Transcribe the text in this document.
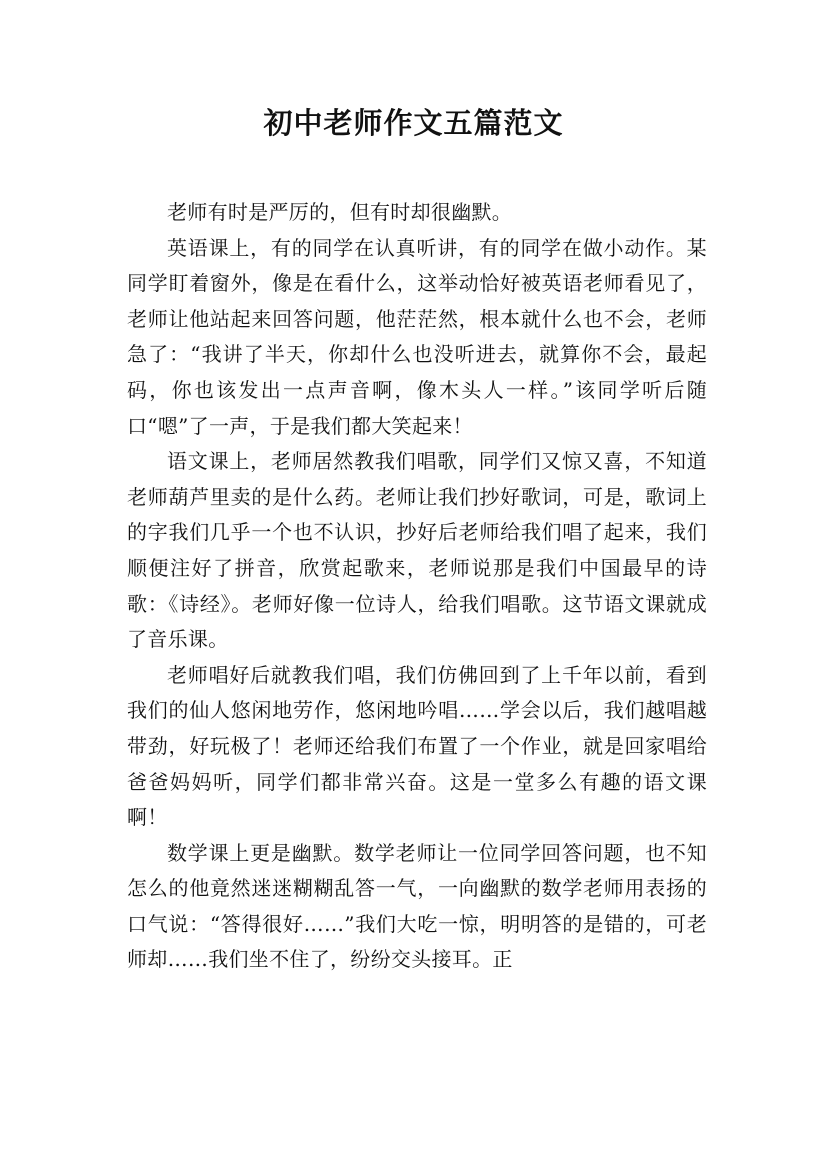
初中老师作文五篇范文

老师有时是严厉的，但有时却很幽默。

英语课上，有的同学在认真听讲，有的同学在做小动作。某同学盯着窗外，像是在看什么，这举动恰好被英语老师看见了，老师让他站起来回答问题，他茫茫然，根本就什么也不会，老师急了：“我讲了半天，你却什么也没听进去，就算你不会，最起码，你也该发出一点声音啊，像木头人一样。”该同学听后随口“嗯”了一声，于是我们都大笑起来！

语文课上，老师居然教我们唱歌，同学们又惊又喜，不知道老师葫芦里卖的是什么药。老师让我们抄好歌词，可是，歌词上的字我们几乎一个也不认识，抄好后老师给我们唱了起来，我们顺便注好了拼音，欣赏起歌来，老师说那是我们中国最早的诗歌：《诗经》。老师好像一位诗人，给我们唱歌。这节语文课就成了音乐课。

老师唱好后就教我们唱，我们仿佛回到了上千年以前，看到我们的仙人悠闲地劳作，悠闲地吟唱……学会以后，我们越唱越带劲，好玩极了！老师还给我们布置了一个作业，就是回家唱给爸爸妈妈听，同学们都非常兴奋。这是一堂多么有趣的语文课啊！

数学课上更是幽默。数学老师让一位同学回答问题，也不知怎么的他竟然迷迷糊糊乱答一气，一向幽默的数学老师用表扬的口气说：“答得很好……”我们大吃一惊，明明答的是错的，可老师却……我们坐不住了，纷纷交头接耳。正
